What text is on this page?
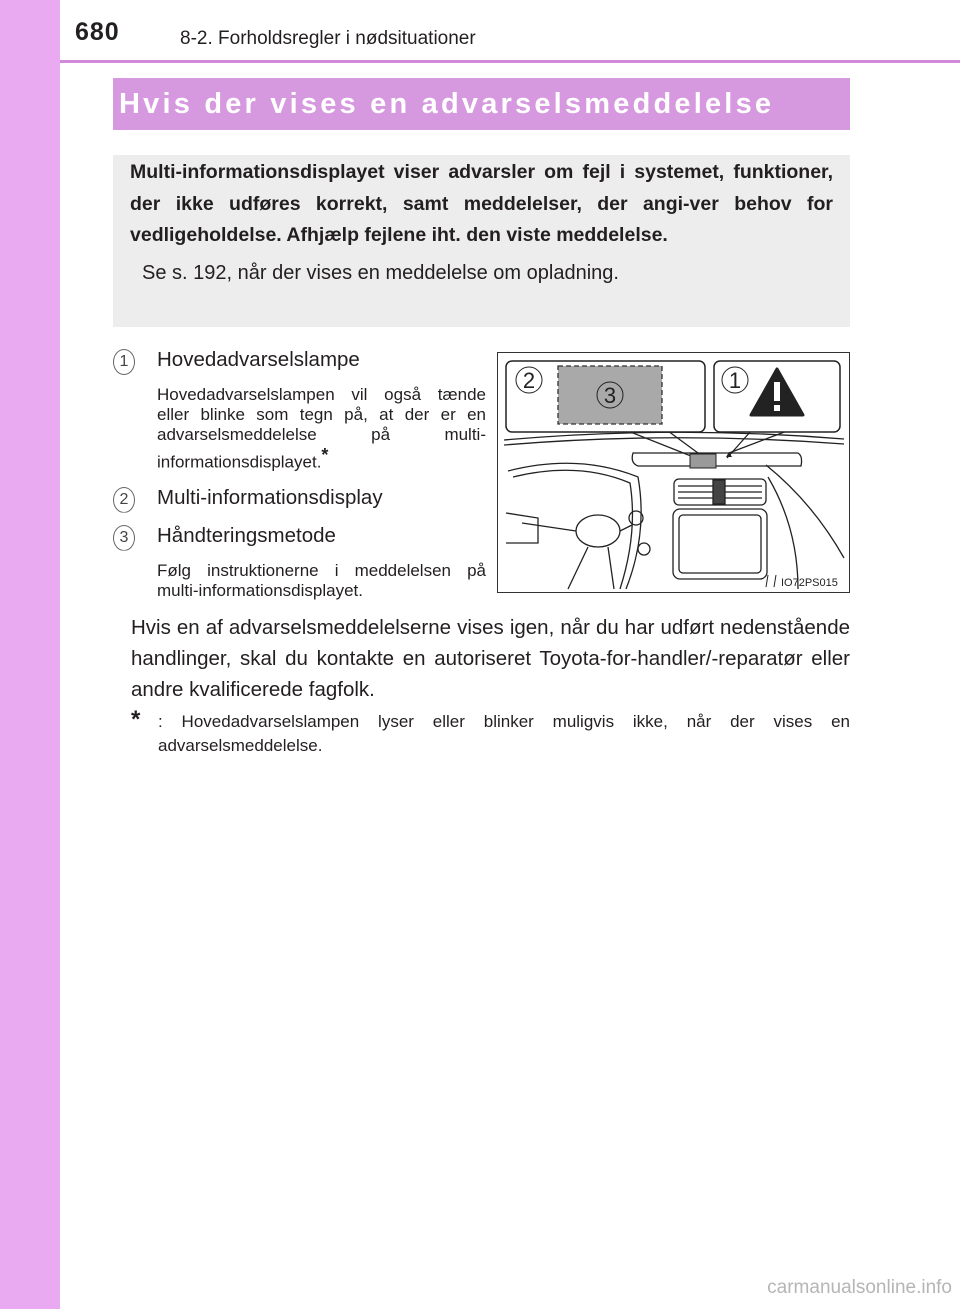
680	8-2. Forholdsregler i nødsituationer
Hvis der vises en advarselsmeddelelse

Multi-informationsdisplayet viser advarsler om fejl i systemet, funktioner, der ikke udføres korrekt, samt meddelelser, der angi-ver behov for vedligeholdelse. Afhjælp fejlene iht. den viste meddelelse.

Se s. 192, når der vises en meddelelse om opladning.
1	Hovedadvarselslampe
Hovedadvarselslampen vil også tænde eller blinke som tegn på, at der er en advarselsmeddelelse på multi-informationsdisplayet.*
2	Multi-informationsdisplay
3	Håndteringsmetode
Følg instruktionerne i meddelelsen på multi-informationsdisplayet.
2	1
3
IO72PS015

Hvis en af advarselsmeddelelserne vises igen, når du har udført nedenstående handlinger, skal du kontakte en autoriseret Toyota-for-handler/-reparatør eller andre kvalificerede fagfolk.

*	: Hovedadvarselslampen lyser eller blinker muligvis ikke, når der vises en advarselsmeddelelse.
carmanualsonline.info
